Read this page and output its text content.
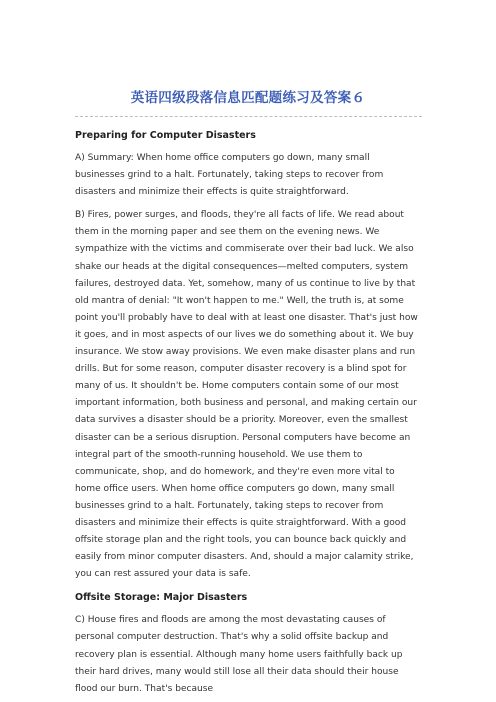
英语四级段落信息匹配题练习及答案６

Preparing for Computer Disasters

A) Summary: When home office computers go down, many small businesses grind to a halt. Fortunately, taking steps to recover from disasters and minimize their effects is quite straightforward.

B) Fires, power surges, and floods, they're all facts of life. We read about them in the morning paper and see them on the evening news. We sympathize with the victims and commiserate over their bad luck. We also shake our heads at the digital consequences—melted computers, system failures, destroyed data. Yet, somehow, many of us continue to live by that old mantra of denial: "It won't happen to me." Well, the truth is, at some point you'll probably have to deal with at least one disaster. That's just how it goes, and in most aspects of our lives we do something about it. We buy insurance. We stow away provisions. We even make disaster plans and run drills. But for some reason, computer disaster recovery is a blind spot for many of us. It shouldn't be. Home computers contain some of our most important information, both business and personal, and making certain our data survives a disaster should be a priority. Moreover, even the smallest disaster can be a serious disruption. Personal computers have become an integral part of the smooth-running household. We use them to communicate, shop, and do homework, and they're even more vital to home office users. When home office computers go down, many small businesses grind to a halt. Fortunately, taking steps to recover from disasters and minimize their effects is quite straightforward. With a good offsite storage plan and the right tools, you can bounce back quickly and easily from minor computer disasters. And, should a major calamity strike, you can rest assured your data is safe.

Offsite Storage: Major Disasters

C) House fires and floods are among the most devastating causes of personal computer destruction. That's why a solid offsite backup and recovery plan is essential. Although many home users faithfully back up their hard drives, many would still lose all their data should their house flood our burn. That's because
